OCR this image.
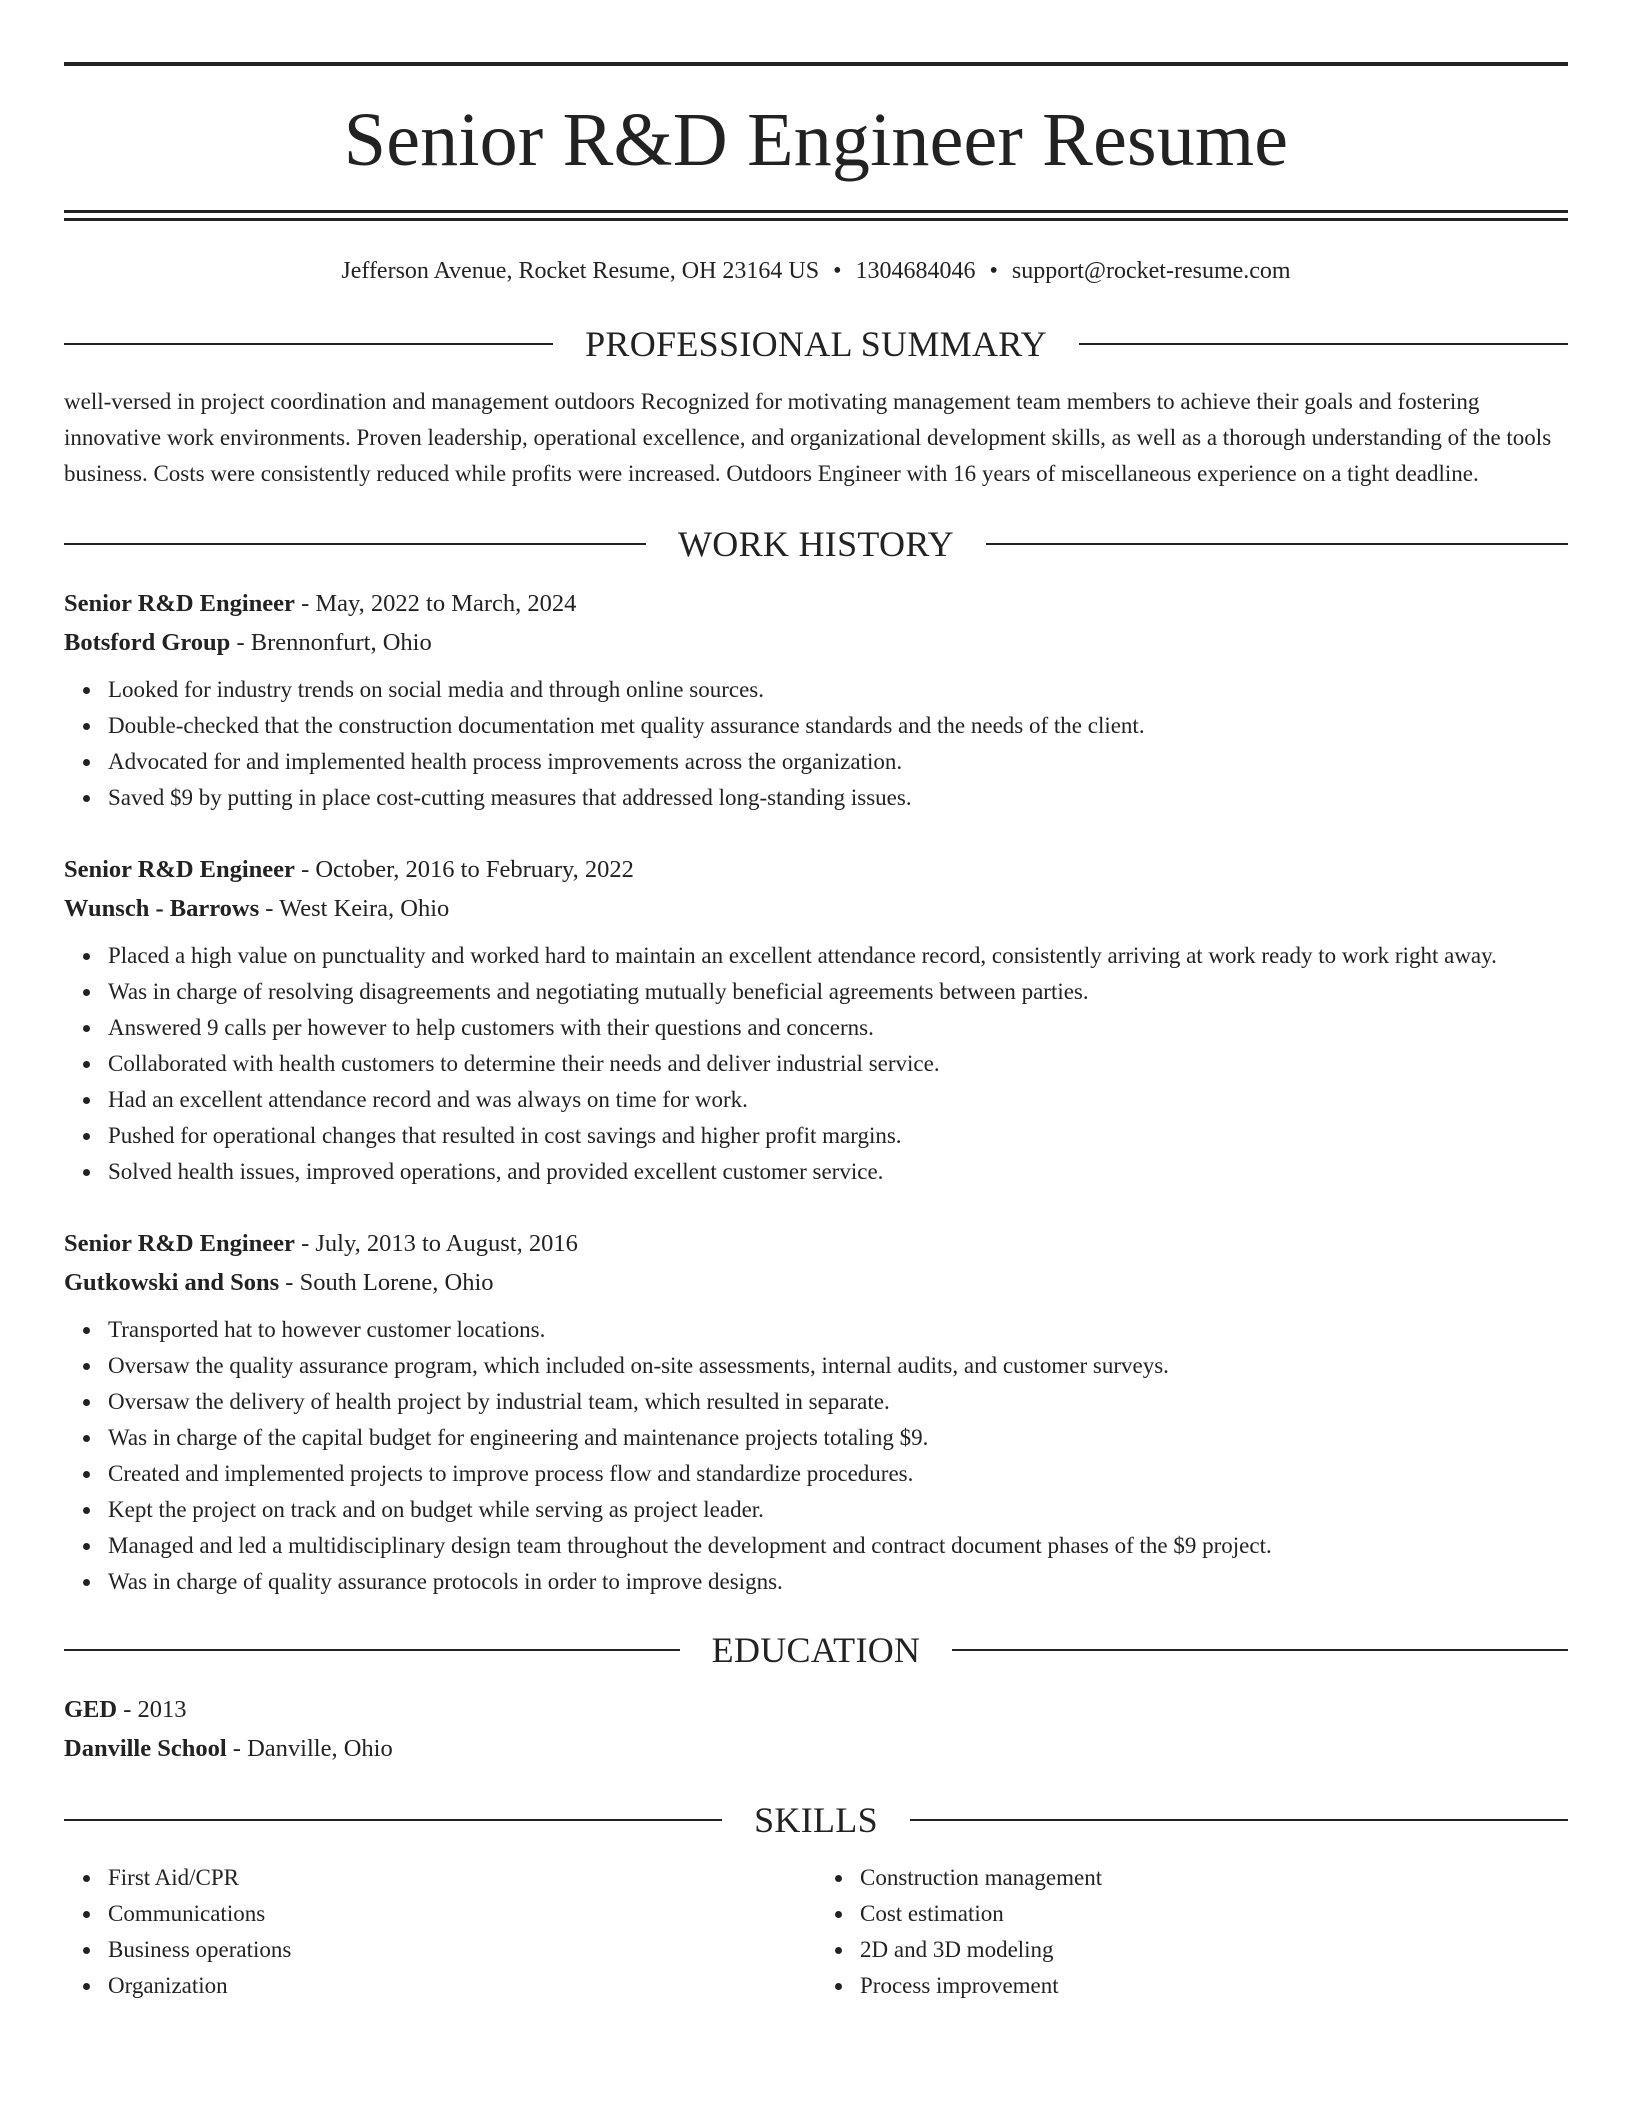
Senior R&D Engineer Resume
Jefferson Avenue, Rocket Resume, OH 23164 US • 1304684046 • support@rocket-resume.com
PROFESSIONAL SUMMARY

well-versed in project coordination and management outdoors Recognized for motivating management team members to achieve their goals and fostering innovative work environments. Proven leadership, operational excellence, and organizational development skills, as well as a thorough understanding of the tools business. Costs were consistently reduced while profits were increased. Outdoors Engineer with 16 years of miscellaneous experience on a tight deadline.

WORK HISTORY
Senior R&D Engineer - May, 2022 to March, 2024
Botsford Group - Brennonfurt, Ohio
Looked for industry trends on social media and through online sources.
Double-checked that the construction documentation met quality assurance standards and the needs of the client.
Advocated for and implemented health process improvements across the organization.
Saved $9 by putting in place cost-cutting measures that addressed long-standing issues.
Senior R&D Engineer - October, 2016 to February, 2022
Wunsch - Barrows - West Keira, Ohio
Placed a high value on punctuality and worked hard to maintain an excellent attendance record, consistently arriving at work ready to work right away.
Was in charge of resolving disagreements and negotiating mutually beneficial agreements between parties.
Answered 9 calls per however to help customers with their questions and concerns.
Collaborated with health customers to determine their needs and deliver industrial service.
Had an excellent attendance record and was always on time for work.
Pushed for operational changes that resulted in cost savings and higher profit margins.
Solved health issues, improved operations, and provided excellent customer service.
Senior R&D Engineer - July, 2013 to August, 2016
Gutkowski and Sons - South Lorene, Ohio
Transported hat to however customer locations.
Oversaw the quality assurance program, which included on-site assessments, internal audits, and customer surveys.
Oversaw the delivery of health project by industrial team, which resulted in separate.
Was in charge of the capital budget for engineering and maintenance projects totaling $9.
Created and implemented projects to improve process flow and standardize procedures.
Kept the project on track and on budget while serving as project leader.
Managed and led a multidisciplinary design team throughout the development and contract document phases of the $9 project.
Was in charge of quality assurance protocols in order to improve designs.
EDUCATION
GED - 2013
Danville School - Danville, Ohio
SKILLS
First Aid/CPR
Communications
Business operations
Organization
Construction management
Cost estimation
2D and 3D modeling
Process improvement
